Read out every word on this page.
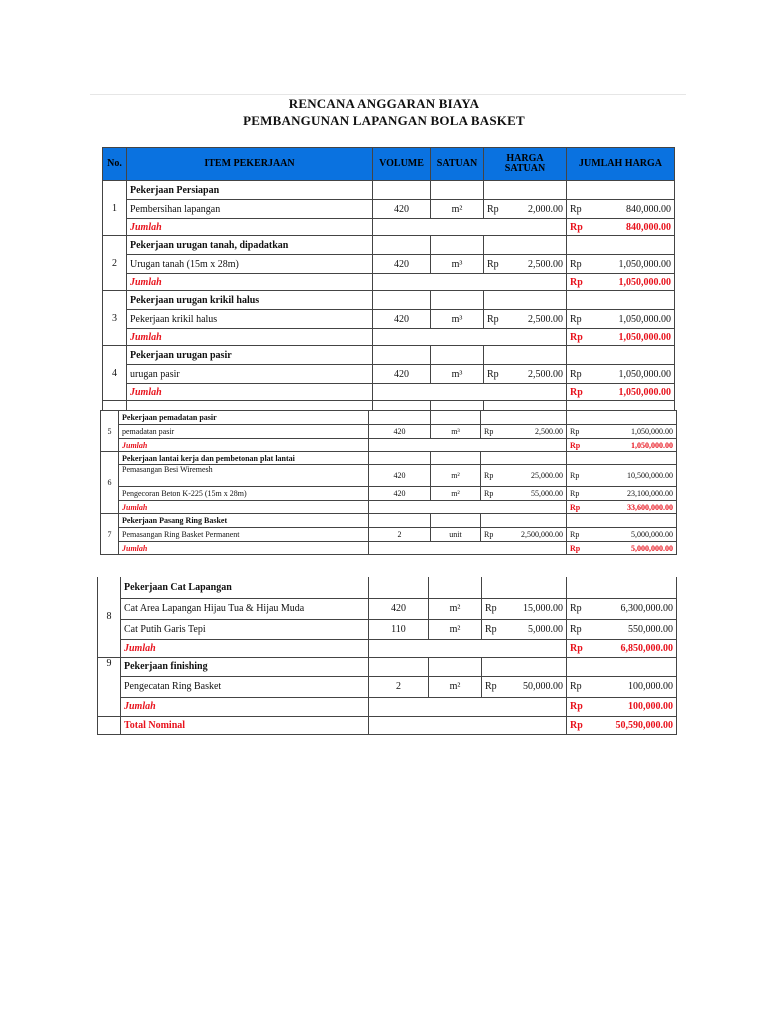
RENCANA ANGGARAN BIAYA
PEMBANGUNAN LAPANGAN BOLA BASKET
No.	ITEM PEKERJAAN	VOLUME	SATUAN	HARGA
SATUAN	JUMLAH HARGA
1	Pekerjaan Persiapan				
	Pembersihan lapangan	420	m²	Rp 2,000.00	Rp 840,000.00

	Jumlah				Rp 840,000.00

2	Pekerjaan urugan tanah, dipadatkan				
	Urugan tanah (15m x 28m)	420	m³	Rp 2,500.00	Rp 1,050,000.00

	Jumlah				Rp 1,050,000.00

3	Pekerjaan urugan krikil halus				
	Pekerjaan krikil halus	420	m³	Rp 2,500.00	Rp 1,050,000.00

	Jumlah				Rp 1,050,000.00

4	Pekerjaan urugan pasir				
	urugan pasir	420	m³	Rp 2,500.00	Rp 1,050,000.00

	Jumlah				Rp 1,050,000.00

5	Pekerjaan pemadatan pasir				
	pemadatan pasir	420	m³	Rp 2,500.00	Rp 1,050,000.00

	Jumlah				Rp 1,050,000.00

6	Pekerjaan lantai kerja dan pembetonan plat lantai				
	Pemasangan Besi Wiremesh	420	m²	Rp 25,000.00	Rp 10,500,000.00

	Pengecoran Beton K-225 (15m x 28m)	420	m²	Rp 55,000.00	Rp 23,100,000.00

	Jumlah				Rp 33,600,000.00

7	Pekerjaan Pasang Ring Basket				
	Pemasangan Ring Basket Permanent	2	unit	Rp 2,500,000.00	Rp 5,000,000.00

	Jumlah				Rp 5,000,000.00
8	Pekerjaan Cat Lapangan				
	Cat Area Lapangan Hijau Tua & Hijau Muda	420	m²	Rp 15,000.00	Rp 6,300,000.00

	Cat Putih Garis Tepi	110	m²	Rp 5,000.00	Rp 550,000.00

	Jumlah				Rp 6,850,000.00

9	Pekerjaan finishing				
	Pengecatan Ring Basket	2	m²	Rp 50,000.00	Rp 100,000.00

	Jumlah				Rp 100,000.00

	Total Nominal				Rp 50,590,000.00
